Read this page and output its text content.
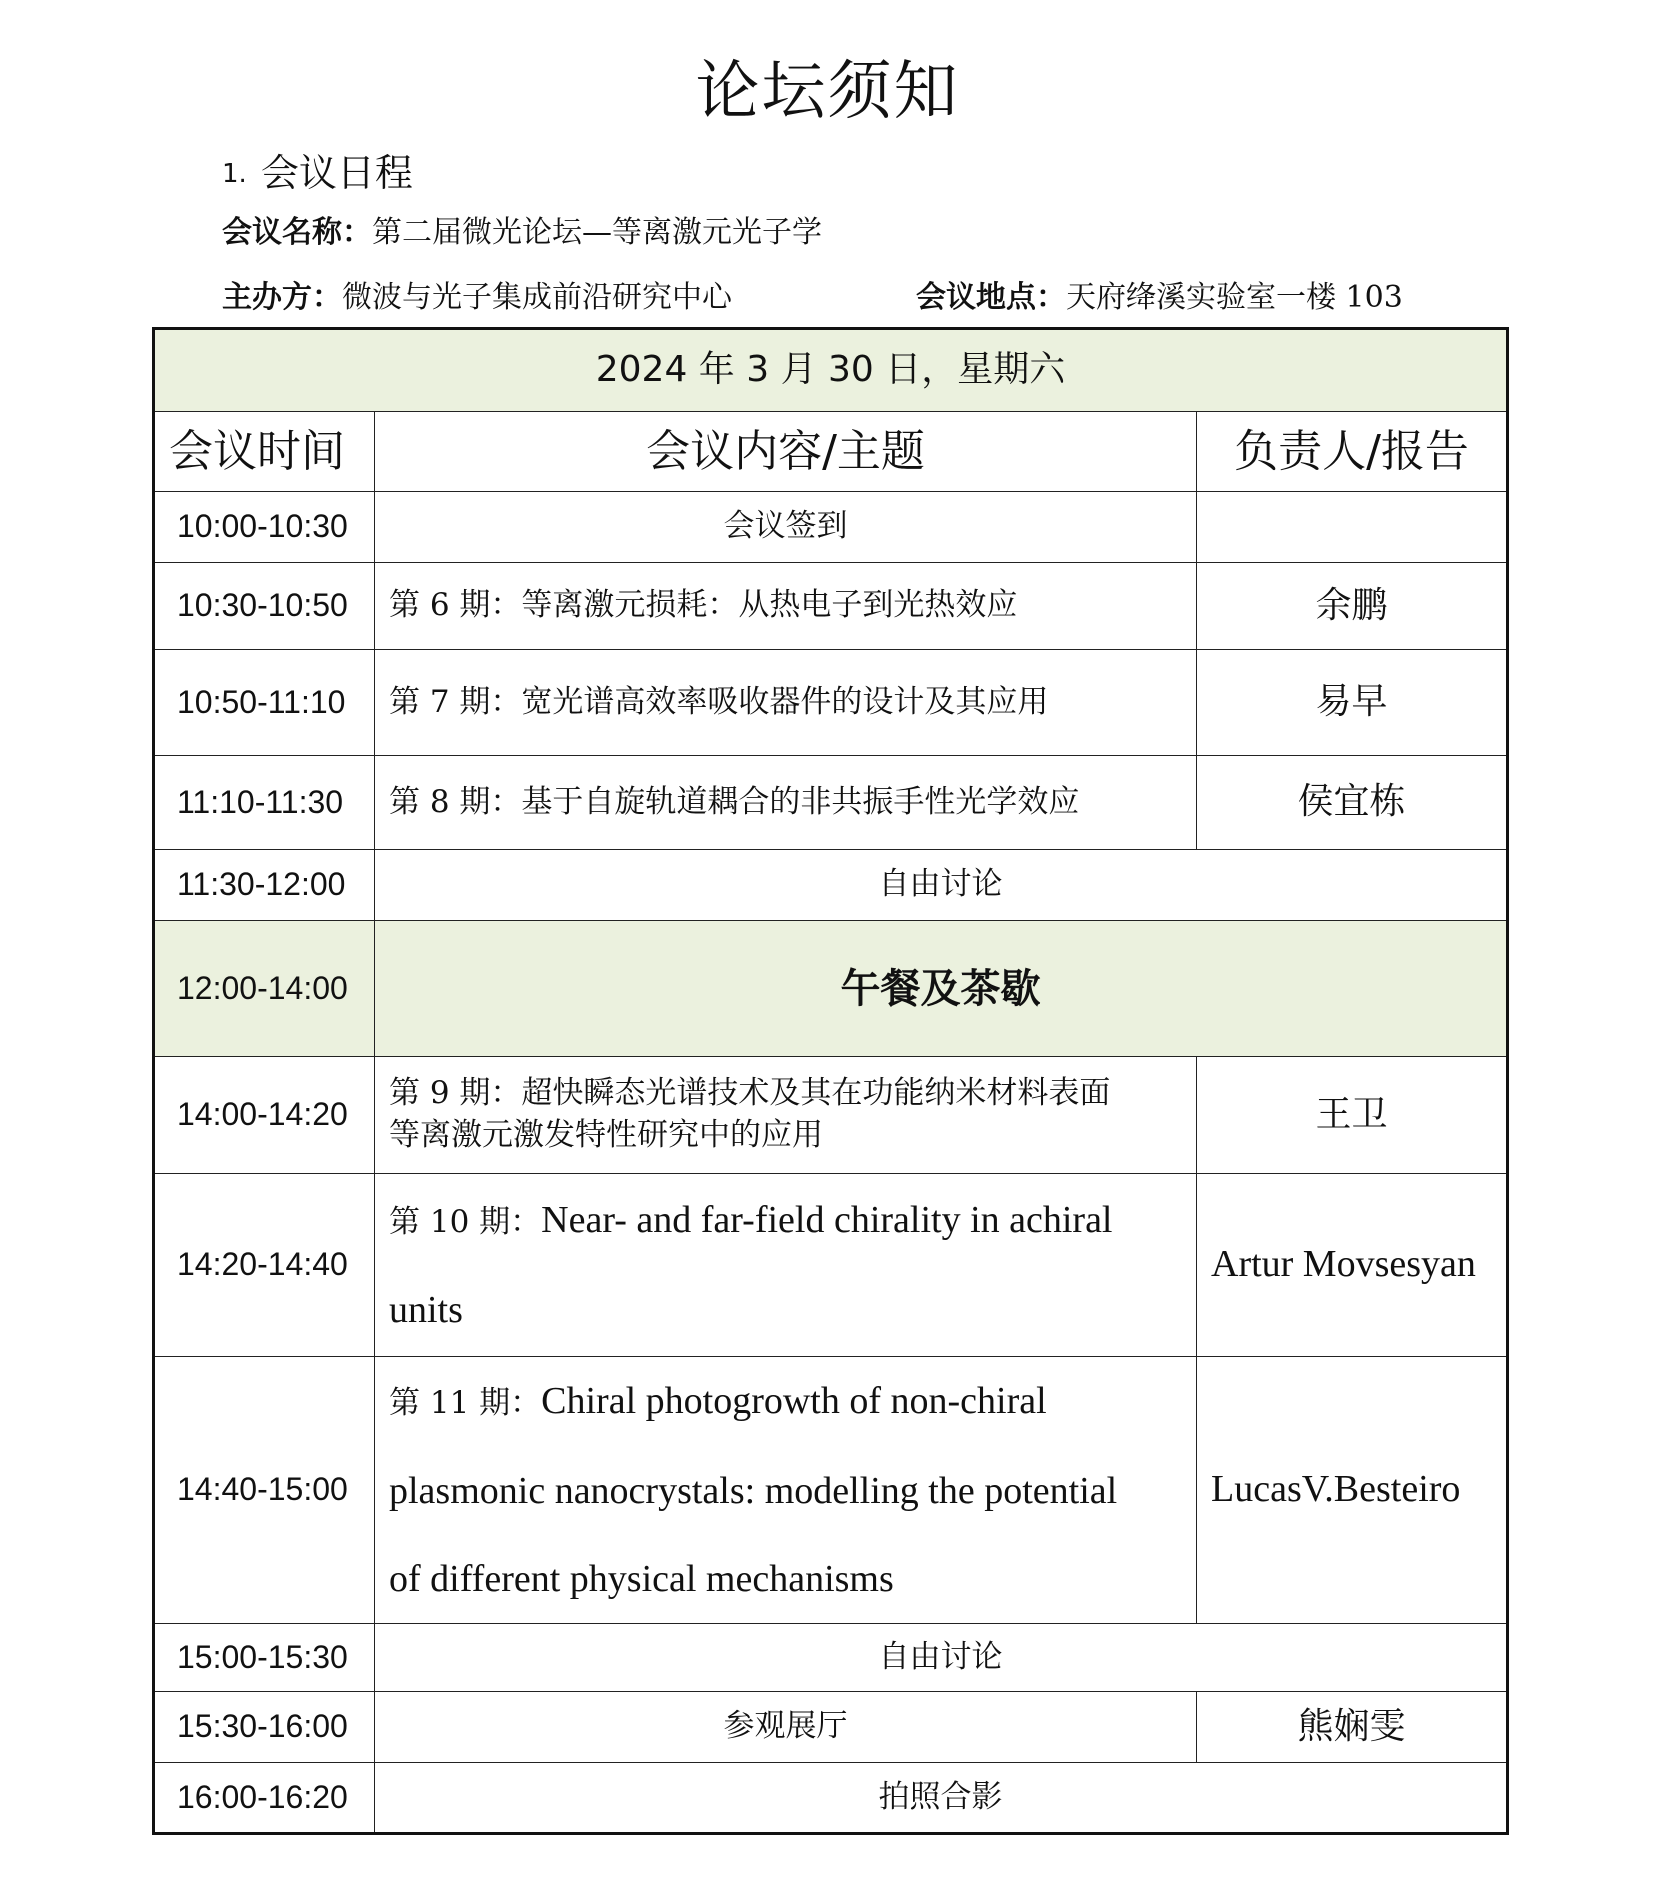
论坛须知
1. 会议日程
会议名称：第二届微光论坛—等离激元光子学
主办方：微波与光子集成前沿研究中心	会议地点：天府绛溪实验室一楼 103
2024 年 3 月 30 日，星期六		
会议时间	会议内容/主题	负责人/报告
10:00-10:30	会议签到	
10:30-10:50	第 6 期：等离激元损耗：从热电子到光热效应	余鹏
10:50-11:10	第 7 期：宽光谱高效率吸收器件的设计及其应用	易早
11:10-11:30	第 8 期：基于自旋轨道耦合的非共振手性光学效应	侯宜栋
11:30-12:00	自由讨论	
12:00-14:00	午餐及茶歇	
14:00-14:20	第 9 期：超快瞬态光谱技术及其在功能纳米材料表面
等离激元激发特性研究中的应用	王卫
14:20-14:40	第 10 期：Near- and far-field chirality in achiral
units	Artur Movsesyan
14:40-15:00	第 11 期：Chiral photogrowth of non-chiral
plasmonic nanocrystals: modelling the potential
of different physical mechanisms	LucasV.Besteiro
15:00-15:30	自由讨论	
15:30-16:00	参观展厅	熊娴雯
16:00-16:20	拍照合影	
